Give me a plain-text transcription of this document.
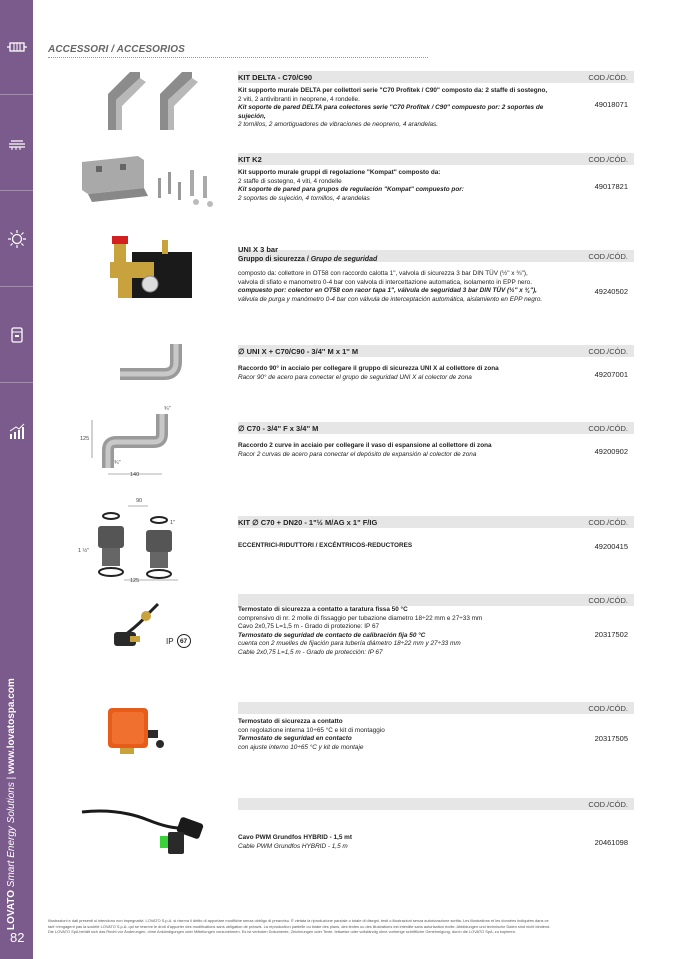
LOVATO Smart Energy Solutions | www.lovatospa.com
82
ACCESSORI / ACCESORIOS
KIT DELTA - C70/C90	COD./CÓD.
Kit supporto murale DELTA per collettori serie "C70 Profitek / C90" composto da: 2 staffe di sostegno,
2 viti, 2 antivibranti in neoprene, 4 rondelle.
Kit soporte de pared DELTA para colectores serie "C70 Profitek / C90" compuesto por: 2 soportes de sujeción,
2 tornillos, 2 amortiguadores de vibraciones de neopreno, 4 arandelas.
49018071
KIT K2	COD./CÓD.
Kit supporto murale gruppi di regolazione "Kompat" composto da:
2 staffe di sostegno, 4 viti, 4 rondelle
Kit soporte de pared para grupos de regulación "Kompat" compuesto por:
2 soportes de sujeción, 4 tornillos, 4 arandelas
49017821
UNI X 3 bar
Gruppo di sicurezza / Grupo de seguridad	COD./CÓD.
composto da: collettore in OT58 con raccordo calotta 1", valvola di sicurezza 3 bar DIN TÜV (½" x ¾"),
valvola di sfiato e manometro 0-4 bar con valvola di intercettazione automatica, isolamento in EPP nero.
compuesto por: colector en OT58 con racor tapa 1", válvula de seguridad 3 bar DIN TÜV (½" x ¾"),
válvula de purga y manómetro 0-4 bar con válvula de interceptación automática, aislamiento en EPP negro.
49240502
∅ UNI X + C70/C90 - 3/4'' M x 1'' M	COD./CÓD.
Raccordo 90° in acciaio per collegare il gruppo di sicurezza UNI X al collettore di zona
Racor 90° de acero para conectar el grupo de seguridad UNI X al colector de zona	49207001
¾"
125
¾"
140
∅ C70 - 3/4'' F x 3/4'' M	COD./CÓD.
Raccordo 2 curve in acciaio per collegare il vaso di espansione al collettore di zona
Racor 2 curvas de acero para conectar el depósito de expansión al colector de zona	49200902
90
1"
1 ½"
125
KIT ∅ C70 + DN20 - 1"½ M/AG x 1" F/IG	COD./CÓD.
ECCENTRICI-RIDUTTORI / EXCÉNTRICOS-REDUCTORES	49200415
IP 67
COD./CÓD.
Termostato di sicurezza a contatto a taratura fissa 50 °C
comprensivo di nr. 2 molle di fissaggio per tubazione diametro 18÷22 mm e 27÷33 mm
Cavo 2x0,75 L=1,5 m - Grado di protezione: IP 67
Termostato de seguridad de contacto de calibración fija 50 °C
cuenta con 2 muelles de fijación para tubería diámetro 18÷22 mm y 27÷33 mm
Cable 2x0,75 L=1,5 m - Grado de protección: IP 67
20317502
COD./CÓD.
Termostato di sicurezza a contatto
con regolazione interna 10÷65 °C e kit di montaggio
Termostato de seguridad en contacto
con ajuste interno 10÷65 °C y kit de montaje
20317505
COD./CÓD.
Cavo PWM Grundfos HYBRID - 1,5 mt
Cable PWM Grundfos HYBRID - 1,5 m	20461098
Illustrazioni e dati presenti si intendono non impegnativi. LOVATO S.p.A. si riserva il diritto di apportare modifiche senza obbligo di preavviso. È vietata la riproduzione parziale o totale di disegni, testi o illustrazioni senza autorizzazione scritta. Les illustrations et les données indiquées dans ce
tarif n'engagent pas la société LOVATO S.p.A. qui se réserve le droit d'apporter des modifications sans obligation de préavis. La reproduction partielle ou totale des plans, des textes ou des illustrations est interdite sans autorisation écrite. Abbildungen und technische Daten sind nicht bindend.
Die LOVATO SpA behält sich das Recht vor Änderungen, ohne Ankündigungen oder Mitteilungen vorzunehmen. Es ist verboten Dokumente, Zeichnungen oder Texte, teilweise oder vollständig ohne vorherige schriftliche Genehmigung, durch die LOVATO SpA, zu kopieren.
